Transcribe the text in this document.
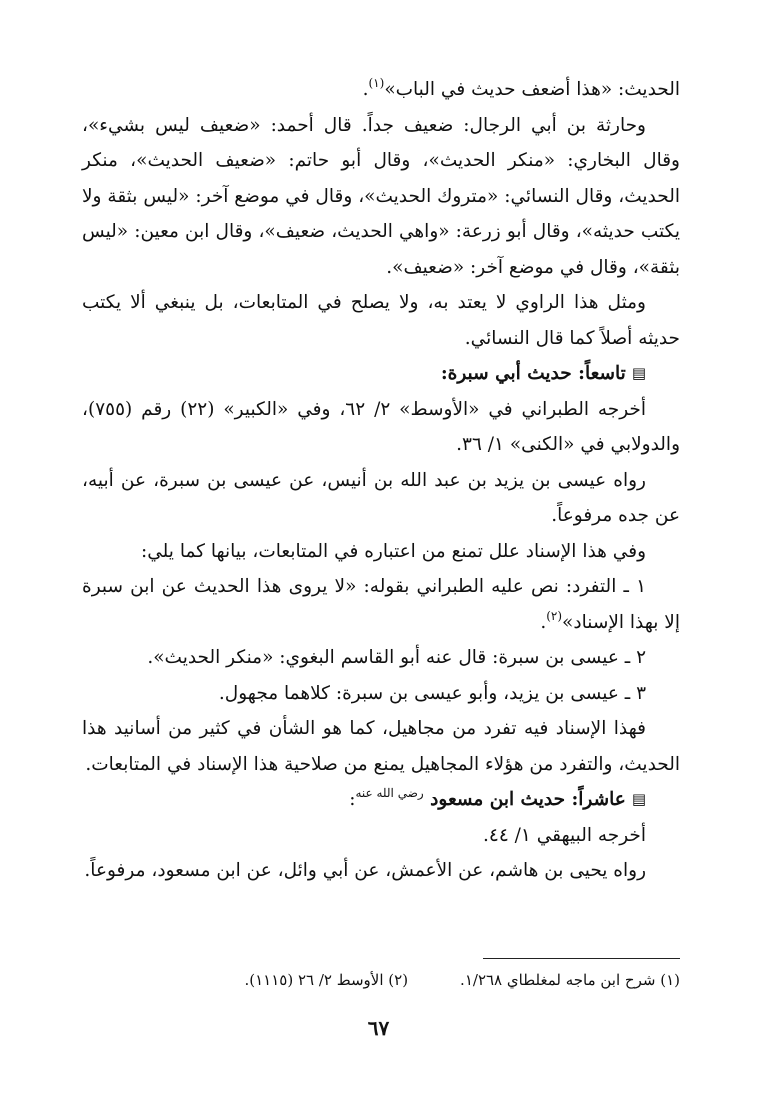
الحديث: «هذا أضعف حديث في الباب»$^{(١)}$.

وحارثة بن أبي الرجال: ضعيف جداً. قال أحمد: «ضعيف ليس بشيء»، وقال البخاري: «منكر الحديث»، وقال أبو حاتم: «ضعيف الحديث»، منكر الحديث، وقال النسائي: «متروك الحديث»، وقال في موضع آخر: «ليس بثقة ولا يكتب حديثه»، وقال أبو زرعة: «واهي الحديث، ضعيف»، وقال ابن معين: «ليس بثقة»، وقال في موضع آخر: «ضعيف».

ومثل هذا الراوي لا يعتد به، ولا يصلح في المتابعات، بل ينبغي ألا يكتب حديثه أصلاً كما قال النسائي.

▤تاسعاً: حديث أبي سبرة:

أخرجه الطبراني في «الأوسط» ٢/ ٦٢، وفي «الكبير» (٢٢) رقم (٧٥٥)، والدولابي في «الكنى» ١/ ٣٦.

رواه عيسى بن يزيد بن عبد الله بن أنيس، عن عيسى بن سبرة، عن أبيه، عن جده مرفوعاً.

وفي هذا الإسناد علل تمنع من اعتباره في المتابعات، بيانها كما يلي:

١ ـ التفرد: نص عليه الطبراني بقوله: «لا يروى هذا الحديث عن ابن سبرة إلا بهذا الإسناد»$^{(٢)}$.

٢ ـ عيسى بن سبرة: قال عنه أبو القاسم البغوي: «منكر الحديث».

٣ ـ عيسى بن يزيد، وأبو عيسى بن سبرة: كلاهما مجهول.

فهذا الإسناد فيه تفرد من مجاهيل، كما هو الشأن في كثير من أسانيد هذا الحديث، والتفرد من هؤلاء المجاهيل يمنع من صلاحية هذا الإسناد في المتابعات.

▤عاشراً: حديث ابن مسعود $^{رضي الله عنه}$:

أخرجه البيهقي ١/ ٤٤.

رواه يحيى بن هاشم، عن الأعمش، عن أبي وائل، عن ابن مسعود، مرفوعاً.

(١) شرح ابن ماجه لمغلطاي ١/٢٦٨.(٢) الأوسط ٢/ ٢٦ (١١١٥).
٦٧
